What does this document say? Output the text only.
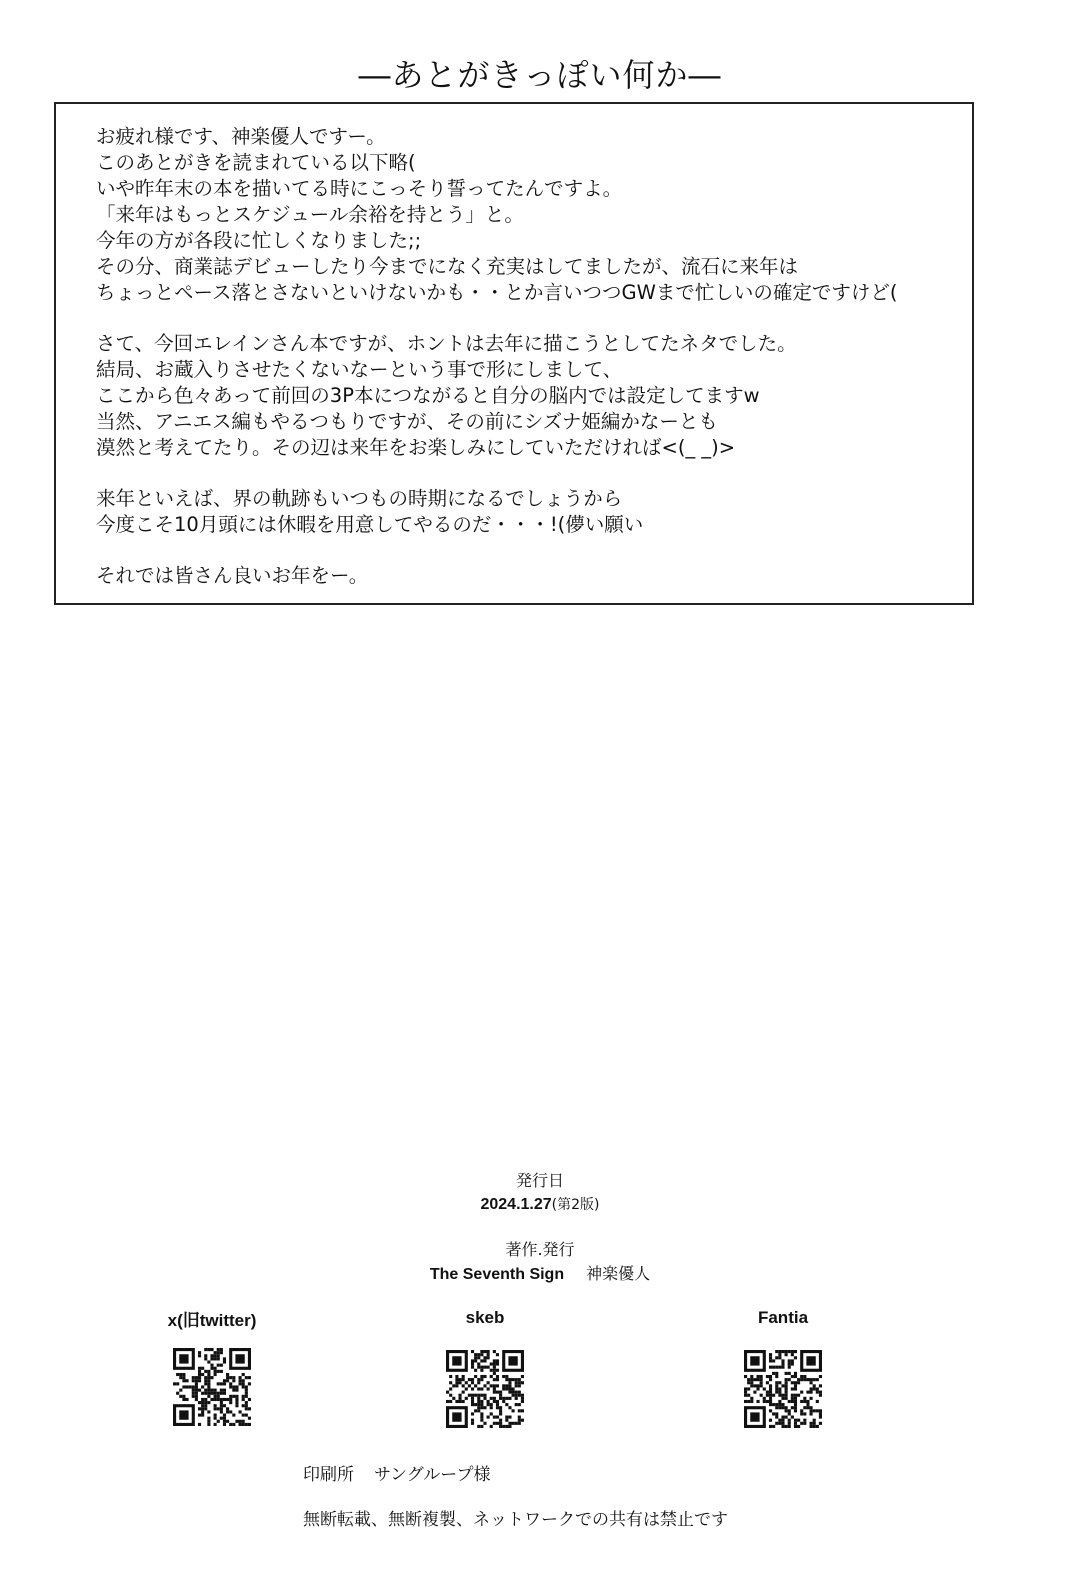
―あとがきっぽい何か―
お疲れ様です、神楽優人ですー。
このあとがきを読まれている以下略(
いや昨年末の本を描いてる時にこっそり誓ってたんですよ。
「来年はもっとスケジュール余裕を持とう」と。
今年の方が各段に忙しくなりました;;
その分、商業誌デビューしたり今までになく充実はしてましたが、流石に来年は
ちょっとペース落とさないといけないかも・・とか言いつつGWまで忙しいの確定ですけど(
さて、今回エレインさん本ですが、ホントは去年に描こうとしてたネタでした。
結局、お蔵入りさせたくないなーという事で形にしまして、
ここから色々あって前回の3P本につながると自分の脳内では設定してますw
当然、アニエス編もやるつもりですが、その前にシズナ姫編かなーとも
漠然と考えてたり。その辺は来年をお楽しみにしていただければ<(_ _)>
来年といえば、界の軌跡もいつもの時期になるでしょうから
今度こそ10月頭には休暇を用意してやるのだ・・・!(儚い願い
それでは皆さん良いお年をー。
発行日
2024.1.27(第2版)
著作.発行
The Seventh Sign 神楽優人
x(旧twitter)	skeb	Fantia
印刷所 サングループ様
無断転載、無断複製、ネットワークでの共有は禁止です
